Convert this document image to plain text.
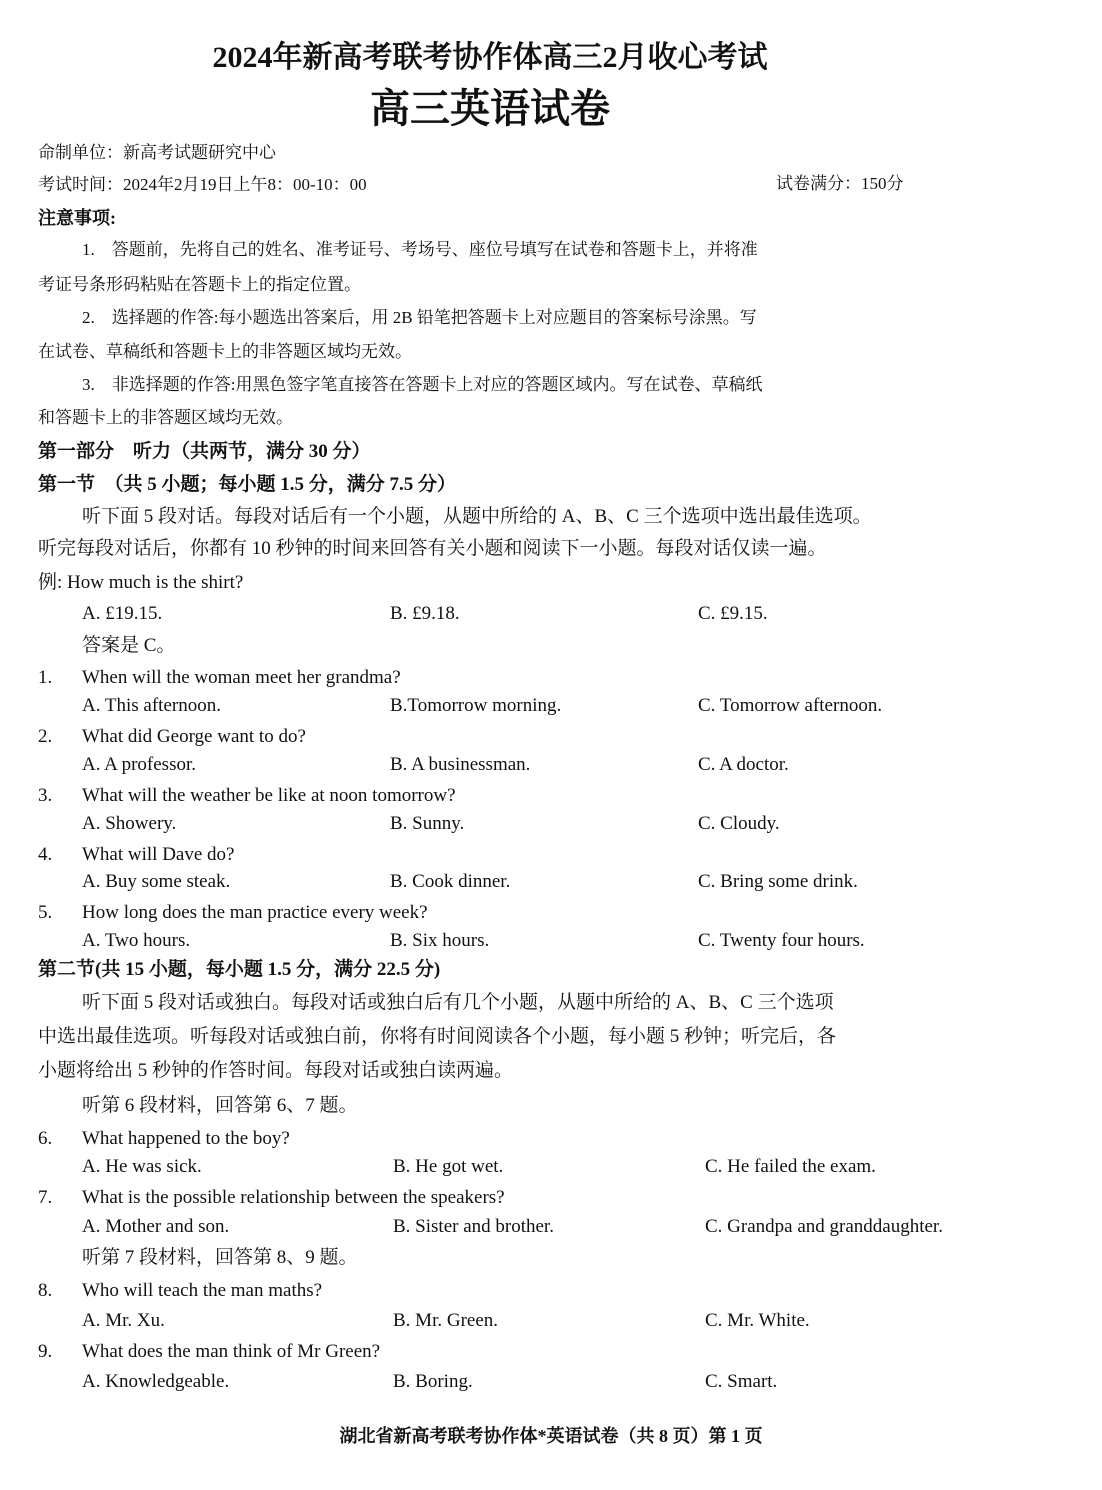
2024年新高考联考协作体高三2月收心考试
高三英语试卷
命制单位：新高考试题研究中心
考试时间：2024年2月19日上午8：00-10：00	试卷满分：150分
注意事项:
1.　答题前，先将自己的姓名、准考证号、考场号、座位号填写在试卷和答题卡上，并将准
考证号条形码粘贴在答题卡上的指定位置。
2.　选择题的作答:每小题选出答案后，用 2B 铅笔把答题卡上对应题目的答案标号涂黑。写
在试卷、草稿纸和答题卡上的非答题区域均无效。
3.　非选择题的作答:用黑色签字笔直接答在答题卡上对应的答题区域内。写在试卷、草稿纸
和答题卡上的非答题区域均无效。
第一部分　听力（共两节，满分 30 分）
第一节　（共 5 小题；每小题 1.5 分，满分 7.5 分）
听下面 5 段对话。每段对话后有一个小题，从题中所给的 A、B、C 三个选项中选出最佳选项。
听完每段对话后，你都有 10 秒钟的时间来回答有关小题和阅读下一小题。每段对话仅读一遍。
例: How much is the shirt?
A. £19.15.	B. £9.18.	C. £9.15.
答案是 C。
1. When will the woman meet her grandma?
A. This afternoon.	B.Tomorrow morning.	C. Tomorrow afternoon.
2. What did George want to do?
A. A professor.	B. A businessman.	C. A doctor.
3. What will the weather be like at noon tomorrow?
A. Showery.	B. Sunny.	C. Cloudy.
4. What will Dave do?
A. Buy some steak.	B. Cook dinner.	C. Bring some drink.
5. How long does the man practice every week?
A. Two hours.	B. Six hours.	C. Twenty four hours.
第二节(共 15 小题，每小题 1.5 分，满分 22.5 分)
听下面 5 段对话或独白。每段对话或独白后有几个小题，从题中所给的 A、B、C 三个选项
中选出最佳选项。听每段对话或独白前，你将有时间阅读各个小题，每小题 5 秒钟；听完后，各
小题将给出 5 秒钟的作答时间。每段对话或独白读两遍。
听第 6 段材料，回答第 6、7 题。
听第 7 段材料，回答第 8、9 题。
6. What happened to the boy?
A. He was sick.	B. He got wet.	C. He failed the exam.
7. What is the possible relationship between the speakers?
A. Mother and son.	B. Sister and brother.	C. Grandpa and granddaughter.
8. Who will teach the man maths?
A. Mr. Xu.	B. Mr. Green.	C. Mr. White.
9. What does the man think of Mr Green?
A. Knowledgeable.	B. Boring.	C. Smart.
湖北省新高考联考协作体*英语试卷（共 8 页）第 1 页
